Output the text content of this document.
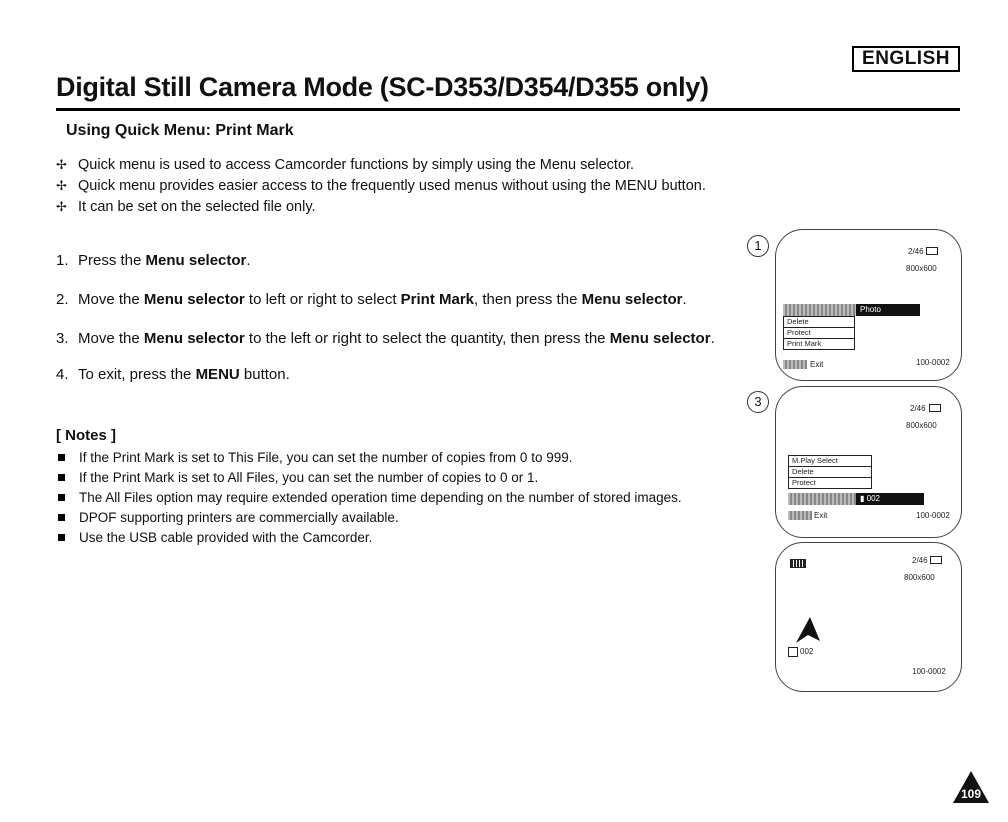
ENGLISH
Digital Still Camera Mode (SC-D353/D354/D355 only)
Using Quick Menu: Print Mark
✢ Quick menu is used to access Camcorder functions by simply using the Menu selector.
✢ Quick menu provides easier access to the frequently used menus without using the MENU button.
✢ It can be set on the selected file only.
1. Press the Menu selector.
2. Move the Menu selector to left or right to select Print Mark, then press the Menu selector.
3. Move the Menu selector to the left or right to select the quantity, then press the Menu selector.
4. To exit, press the MENU button.
[ Notes ]
If the Print Mark is set to This File, you can set the number of copies from 0 to 999.
If the Print Mark is set to All Files, you can set the number of copies to 0 or 1.
The All Files option may require extended operation time depending on the number of stored images.
DPOF supporting printers are commercially available.
Use the USB cable provided with the Camcorder.
1	2/46
800x600
Photo
Delete
Protect
Print Mark
Exit	100-0002
3	2/46
800x600
M.Play Select
Delete
Protect
▮ 002
Exit	100-0002
2/46
800x600
002
100-0002
109
